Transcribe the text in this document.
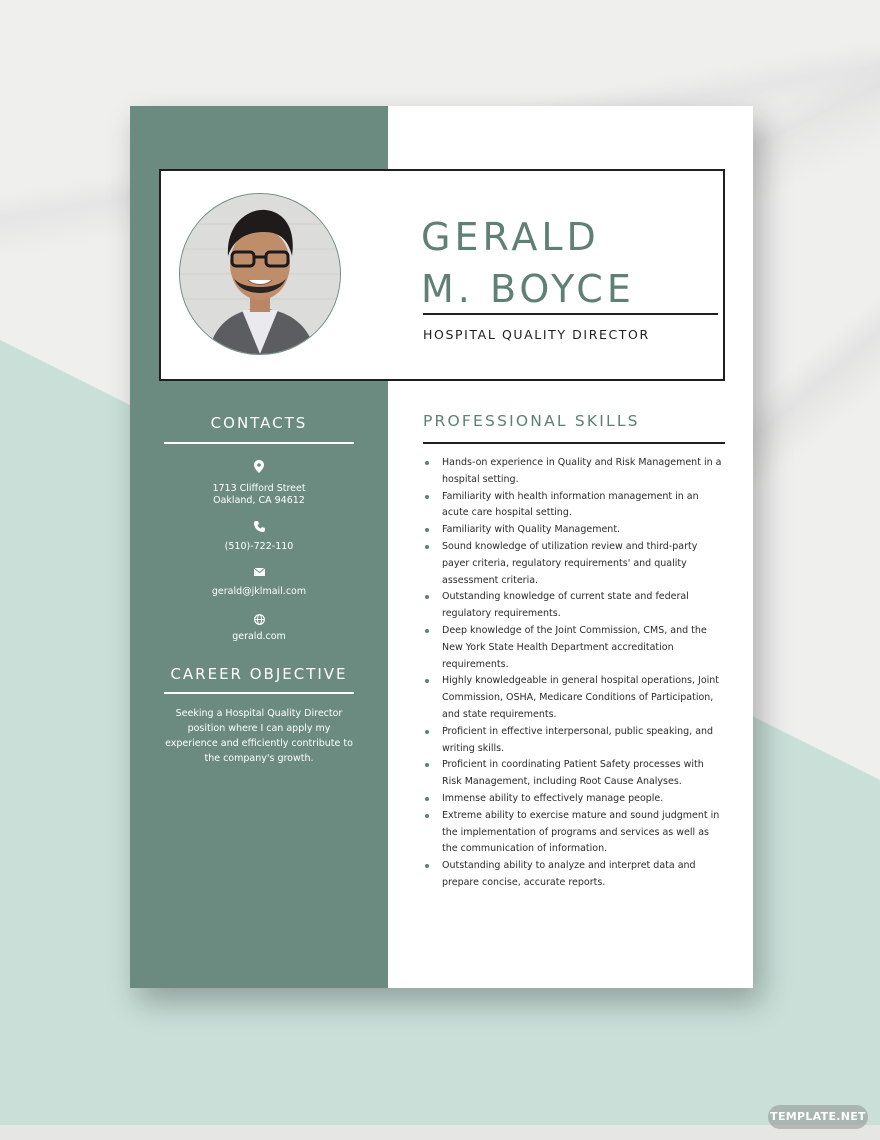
GERALD
M. BOYCE
HOSPITAL QUALITY DIRECTOR
CONTACTS
1713 Clifford Street
Oakland, CA 94612
(510)-722-110
gerald@jklmail.com
gerald.com
CAREER OBJECTIVE
Seeking a Hospital Quality Director position where I can apply my experience and efficiently contribute to the company's growth.
PROFESSIONAL SKILLS
Hands-on experience in Quality and Risk Management in a hospital setting.
Familiarity with health information management in an acute care hospital setting.
Familiarity with Quality Management.
Sound knowledge of utilization review and third-party payer criteria, regulatory requirements' and quality assessment criteria.
Outstanding knowledge of current state and federal regulatory requirements.
Deep knowledge of the Joint Commission, CMS, and the New York State Health Department accreditation requirements.
Highly knowledgeable in general hospital operations, Joint Commission, OSHA, Medicare Conditions of Participation, and state requirements.
Proficient in effective interpersonal, public speaking, and writing skills.
Proficient in coordinating Patient Safety processes with Risk Management, including Root Cause Analyses.
Immense ability to effectively manage people.
Extreme ability to exercise mature and sound judgment in the implementation of programs and services as well as the communication of information.
Outstanding ability to analyze and interpret data and prepare concise, accurate reports.
TEMPLATE.NET
